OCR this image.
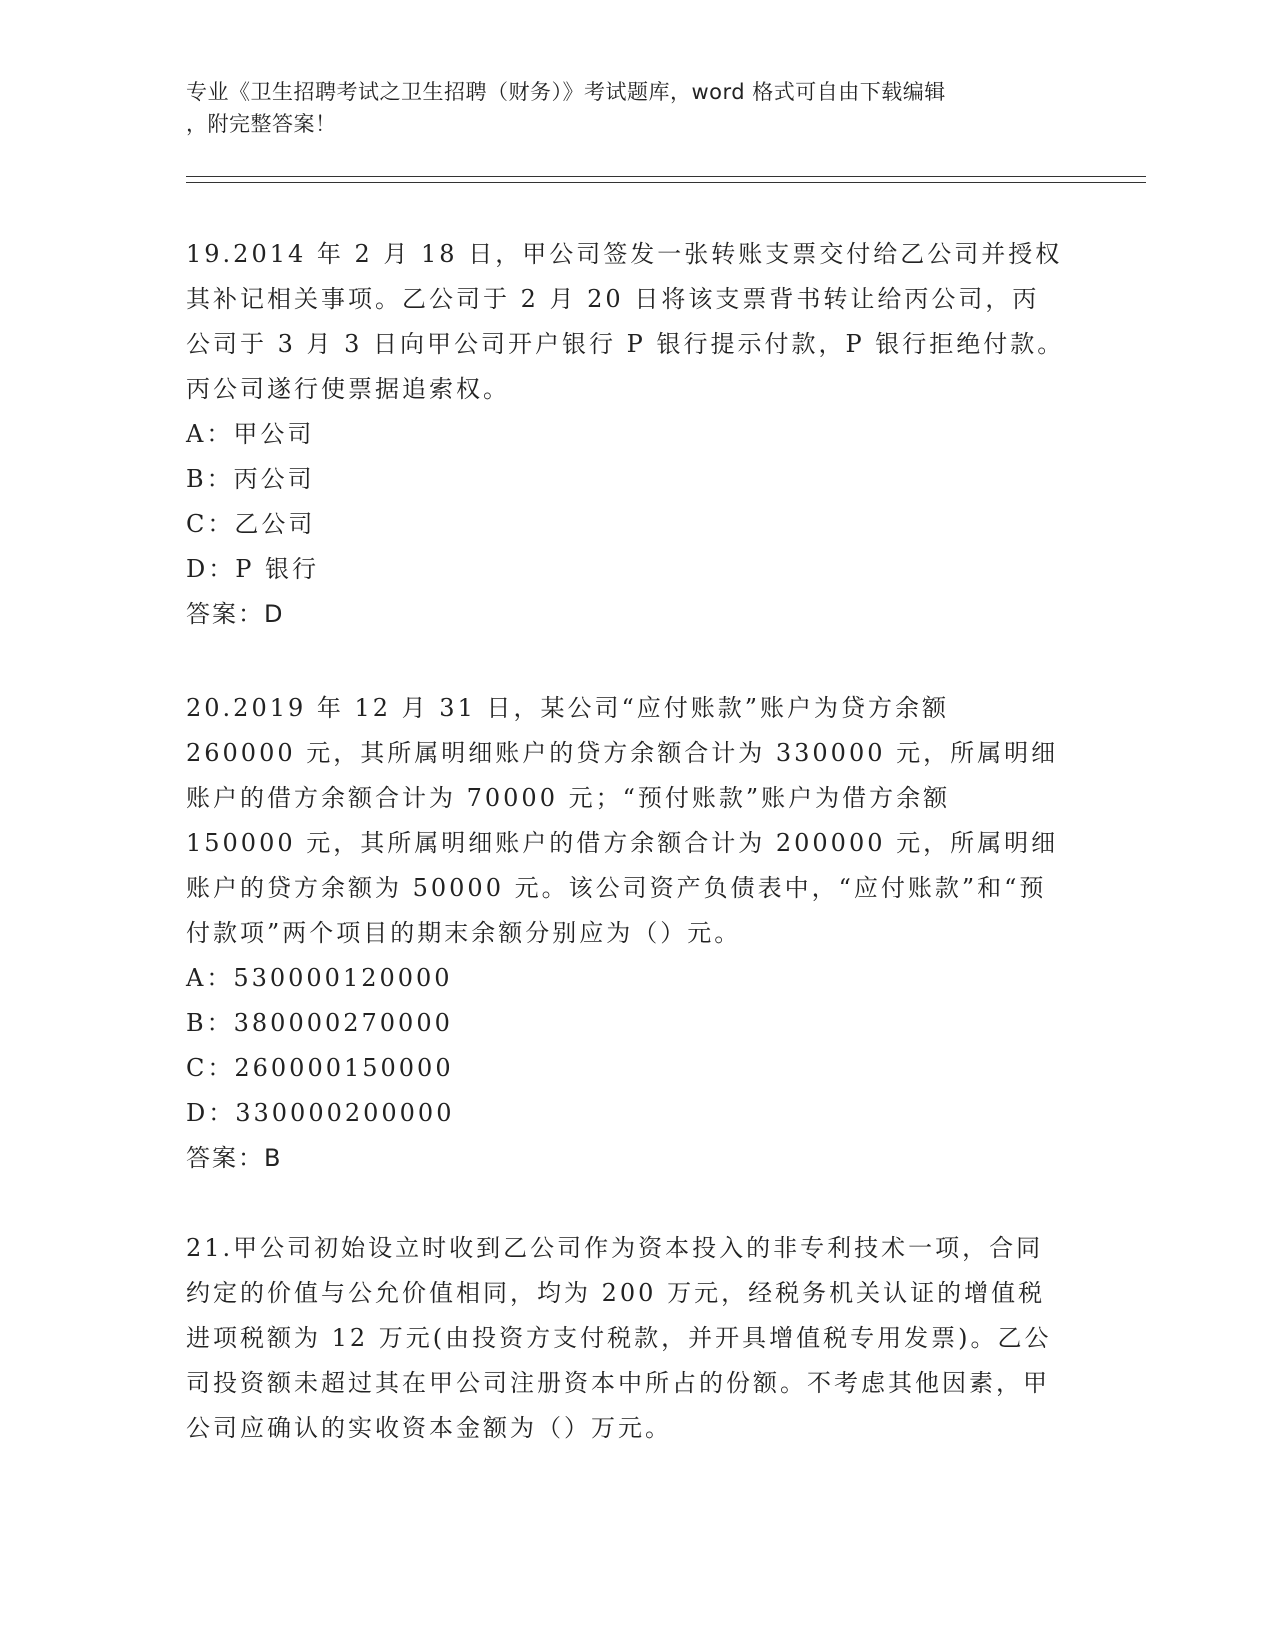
专业《卫生招聘考试之卫生招聘（财务）》考试题库，word 格式可自由下载编辑
，附完整答案！

19.2014 年 2 月 18 日，甲公司签发一张转账支票交付给乙公司并授权其补记相关事项。乙公司于 2 月 20 日将该支票背书转让给丙公司，丙公司于 3 月 3 日向甲公司开户银行 P 银行提示付款，P 银行拒绝付款。丙公司遂行使票据追索权。

A：甲公司

B：丙公司

C：乙公司

D：P 银行

答案：D

20.2019 年 12 月 31 日，某公司“应付账款”账户为贷方余额 260000 元，其所属明细账户的贷方余额合计为 330000 元，所属明细账户的借方余额合计为 70000 元；“预付账款”账户为借方余额 150000 元，其所属明细账户的借方余额合计为 200000 元，所属明细账户的贷方余额为 50000 元。该公司资产负债表中，“应付账款”和“预付款项”两个项目的期末余额分别应为（）元。

A：530000120000

B：380000270000

C：260000150000

D：330000200000

答案：B

21.甲公司初始设立时收到乙公司作为资本投入的非专利技术一项，合同约定的价值与公允价值相同，均为 200 万元，经税务机关认证的增值税进项税额为 12 万元(由投资方支付税款，并开具增值税专用发票)。乙公司投资额未超过其在甲公司注册资本中所占的份额。不考虑其他因素，甲公司应确认的实收资本金额为（）万元。
